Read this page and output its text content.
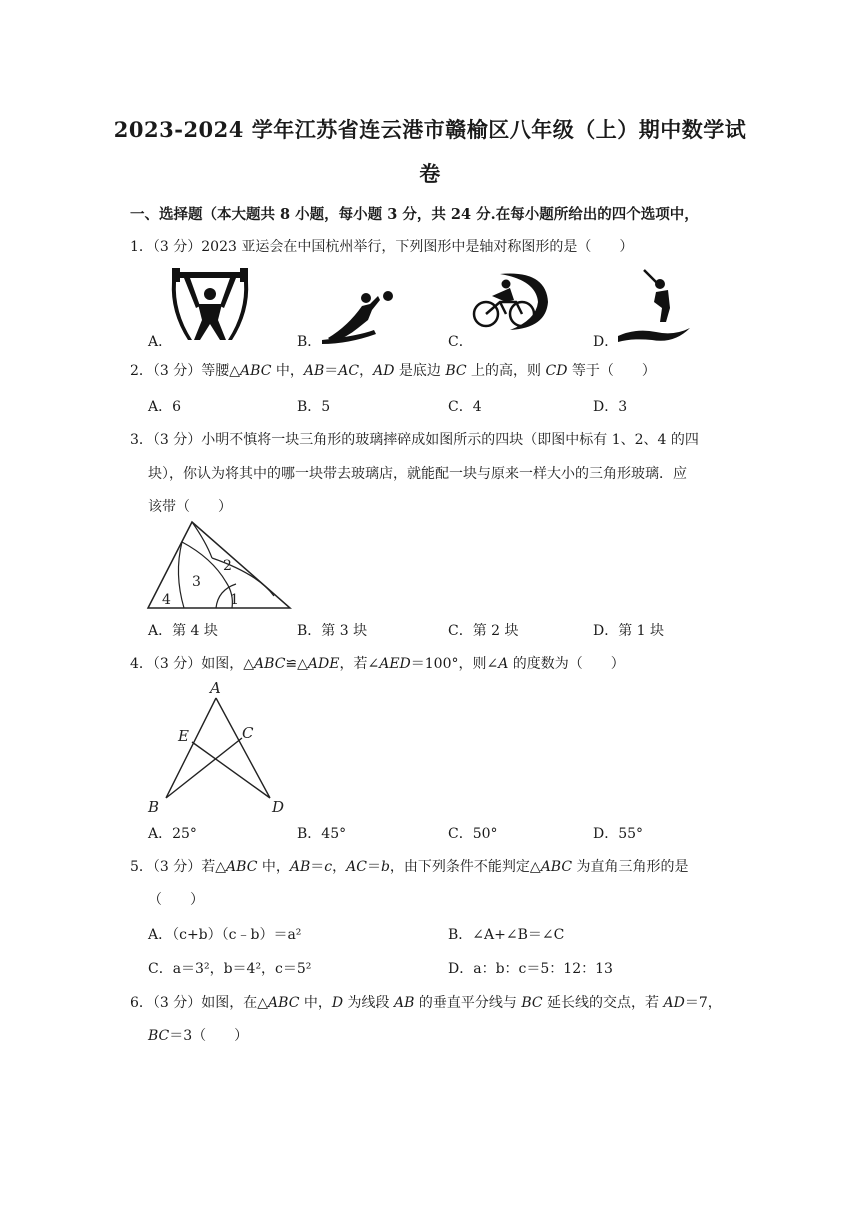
2023-2024 学年江苏省连云港市赣榆区八年级（上）期中数学试
卷
一、选择题（本大题共 8 小题，每小题 3 分，共 24 分.在每小题所给出的四个选项中，
1．（3 分）2023 亚运会在中国杭州举行，下列图形中是轴对称图形的是（　　）
A．	B．	C．	D．
2．（3 分）等腰△ABC 中，AB＝AC，AD 是底边 BC 上的高，则 CD 等于（　　）
A．6	B．5	C．4	D．3
3．（3 分）小明不慎将一块三角形的玻璃摔碎成如图所示的四块（即图中标有 1、2、4 的四
块），你认为将其中的哪一块带去玻璃店，就能配一块与原来一样大小的三角形玻璃．应
该带（　　）
4
3
2
1
A．第 4 块	B．第 3 块	C．第 2 块	D．第 1 块
4．（3 分）如图，△ABC≌△ADE，若∠AED＝100°，则∠A 的度数为（　　）
A
E	C
B	D
A．25°	B．45°	C．50°	D．55°
5．（3 分）若△ABC 中，AB＝c，AC＝b，由下列条件不能判定△ABC 为直角三角形的是
（　　）
A．（c+b）（c﹣b）＝a²	B．∠A+∠B＝∠C
C．a＝3²，b＝4²，c＝5²	D．a：b：c＝5：12：13
6．（3 分）如图，在△ABC 中，D 为线段 AB 的垂直平分线与 BC 延长线的交点，若 AD＝7，
BC＝3（　　）
